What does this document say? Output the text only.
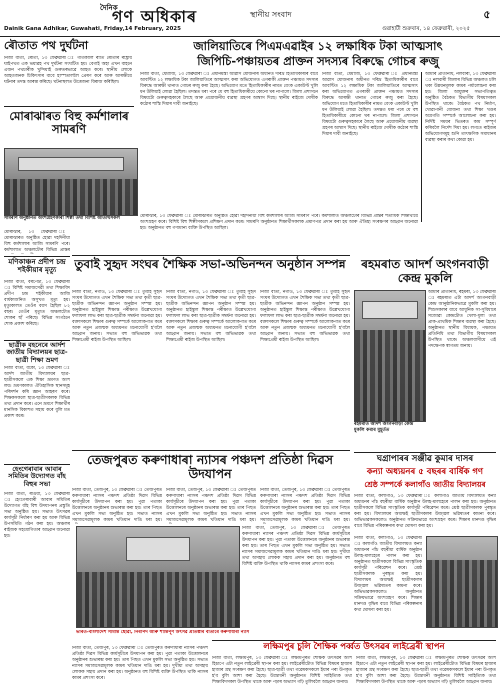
দৈনিক
গণ অধিকাৰ	স্থানীয় সংবাদ
Dainik Gana Adhikar, Guwahati, Friday,14 February, 2025	গুৱাহাটী শুক্ৰবাৰ, ১৪ ফেব্ৰুৱাৰী, ২০২৫
৫
ৰৌতাত পথ দুৰ্ঘটনা
নিজা বাৰ্তা, ৰৌতা, ১৩ ফেব্ৰুৱাৰী ঃ গতিকালি ৰাতি ৰৌতাৰ ৰাষ্ট্ৰীয় ঘাইপথত এক ভয়াৱহ পথ দুৰ্ঘটনা সংঘটিত হয়। বেগাই অহা এখন বাহনে এজন পথচাৰীক খুন্দিয়াই গুৰুতৰভাৱে আহত কৰে। স্থানীয় লোকে আহতজনক চিকিৎসাৰ বাবে হাস্পতাললৈ প্ৰেৰণ কৰে আৰু আৰক্ষীয়ে ঘটনাৰ তদন্ত আৰম্ভ কৰিছে। ঘটনাস্থলত উত্তেজনা বিৰাজ কৰিছিল।
জালিয়াতিৰে পিএমএৱাইৰ ১২ লক্ষাধিক টকা আত্মসাৎ
জিপিচি-পঞ্চায়তৰ প্ৰাক্তন সদস্যৰ বিৰুদ্ধে গোচৰ ৰুজু
নিজা বাৰ্তা, ধেমাজি, ১৩ ফেব্ৰুৱাৰী ঃ প্ৰধানমন্ত্ৰী আৱাস যোজনাৰ অধীনত দৰিদ্ৰ হিতাধিকাৰীৰ বাবে আবণ্টিত ১২ লক্ষাধিক টকা জালিয়াতিৰে আত্মসাৎ কৰা অভিযোগত এগৰাকী প্ৰাক্তন পঞ্চায়ত সদস্যৰ বিৰুদ্ধে আৰক্ষী থানাত গোচৰ ৰুজু কৰা হৈছে। অভিযোগ মতে হিতাধিকাৰীৰ নামত বেংক একাউণ্ট খুলি ধন উলিয়াই লোৱা হৈছিল। তদন্তত ধৰা পৰে যে বহু হিতাধিকাৰীয়ে কোনো ঘৰ নাপালে। জিলা প্ৰশাসনে বিষয়টো গুৰুত্বসহকাৰে লৈছে আৰু প্ৰয়োজনীয় ব্যৱস্থা গ্ৰহণৰ আশ্বাস দিছে। স্থানীয় ৰাইজে দোষীক কঠোৰ শাস্তি দিয়াৰ দাবী জনাইছে।
নিজা বাৰ্তা, ধেমাজি, ১৩ ফেব্ৰুৱাৰী ঃ প্ৰধানমন্ত্ৰী আৱাস যোজনাৰ অধীনত দৰিদ্ৰ হিতাধিকাৰীৰ বাবে আবণ্টিত ১২ লক্ষাধিক টকা জালিয়াতিৰে আত্মসাৎ কৰা অভিযোগত এগৰাকী প্ৰাক্তন পঞ্চায়ত সদস্যৰ বিৰুদ্ধে আৰক্ষী থানাত গোচৰ ৰুজু কৰা হৈছে। অভিযোগ মতে হিতাধিকাৰীৰ নামত বেংক একাউণ্ট খুলি ধন উলিয়াই লোৱা হৈছিল। তদন্তত ধৰা পৰে যে বহু হিতাধিকাৰীয়ে কোনো ঘৰ নাপালে। জিলা প্ৰশাসনে বিষয়টো গুৰুত্বসহকাৰে লৈছে আৰু প্ৰয়োজনীয় ব্যৱস্থা গ্ৰহণৰ আশ্বাস দিছে। স্থানীয় ৰাইজে দোষীক কঠোৰ শাস্তি দিয়াৰ দাবী জনাইছে।
আমাৰ প্ৰতিনিধি, নলবাৰী, ১৩ ফেব্ৰুৱাৰী ঃ নলবাৰী জিলাৰ বিভিন্ন অঞ্চলত চলি থকা উন্নয়নমূলক কামৰ পৰ্যালোচনা কৰা হয়। জিলা আয়ুক্তৰ সভাপতিত্বত অনুষ্ঠিত বৈঠকত বিভাগীয় বিষয়াসকল উপস্থিত থাকে। বৈঠকত পথ নিৰ্মাণ, খোৱাপানী যোজনা তথা শিক্ষা খণ্ডৰ অগ্ৰগতি সম্পৰ্কে আলোচনা কৰা হয়। নিৰ্দিষ্ট সময়ৰ ভিতৰত কাম সম্পূৰ্ণ কৰিবলৈ নিৰ্দেশ দিয়া হয়। লগতে ৰাইজৰ অভিযোগসমূহ শুনি তাৎক্ষণিক সমাধানৰ ব্যৱস্থা কৰাৰ কথা কোৱা হয়।
মোৰাঝাৰত বিহু কৰ্মশালাৰ সামৰণি
সামৰণি অনুষ্ঠানত অংশগ্ৰহণকাৰী শিল্পী তথা বিশিষ্ট অতিথিসকল
মোৰাঝাৰ, ১৩ ফেব্ৰুৱাৰী ঃ মোৰাঝাৰত অনুষ্ঠিত হোৱা দহদিনীয়া বিহু কৰ্মশালাৰ আজি সামৰণি পৰে। কৰ্মশালাত অঞ্চলটোৰ বিভিন্ন প্ৰান্তৰ
মোৰাঝাৰ, ১৩ ফেব্ৰুৱাৰী ঃ মোৰাঝাৰত অনুষ্ঠিত হোৱা দহদিনীয়া বিহু কৰ্মশালাৰ আজি সামৰণি পৰে। কৰ্মশালাত অঞ্চলটোৰ বিভিন্ন প্ৰান্তৰ শতাধিক শিক্ষাৰ্থীয়ে অংশগ্ৰহণ কৰে। বিশিষ্ট বিহু শিল্পীসকলে প্ৰশিক্ষণ প্ৰদান কৰে। সামৰণি অনুষ্ঠানত শিক্ষাৰ্থীসকলক প্ৰমাণপত্ৰ প্ৰদান কৰা হয় আৰু ঐতিহ্য সংৰক্ষণৰ আহ্বান জনোৱা হয়। অনুষ্ঠানত বহু গণ্যমান্য ব্যক্তি উপস্থিত আছিল।
তুবাই সুহৃদ সংঘৰ শৈক্ষিক সভা-অভিনন্দন অনুষ্ঠান সম্পন্ন
নিজা বাৰ্তা, নগাঁও, ১৩ ফেব্ৰুৱাৰী ঃ তুবাই সুহৃদ সংঘৰ উদ্যোগত এখন শৈক্ষিক সভা তথা কৃতী ছাত্ৰ-ছাত্ৰীক অভিনন্দন জ্ঞাপন অনুষ্ঠান সম্পন্ন হয়। অনুষ্ঠানত হাইস্কুল শিক্ষান্ত পৰীক্ষাত উল্লেখযোগ্য ফলাফল লাভ কৰা ছাত্ৰ-ছাত্ৰীক সম্বৰ্ধনা জনোৱা হয়। বক্তাসকলে শিক্ষাৰ গুৰুত্ব সম্পৰ্কে আলোকপাত কৰে আৰু নতুন প্ৰজন্মক অধ্যয়নত মনোযোগী হ'বলৈ আহ্বান জনায়। সভাত বহু অভিভাৱক তথা শিক্ষাপ্ৰেমী ৰাইজ উপস্থিত আছিল।
নিজা বাৰ্তা, নগাঁও, ১৩ ফেব্ৰুৱাৰী ঃ তুবাই সুহৃদ সংঘৰ উদ্যোগত এখন শৈক্ষিক সভা তথা কৃতী ছাত্ৰ-ছাত্ৰীক অভিনন্দন জ্ঞাপন অনুষ্ঠান সম্পন্ন হয়। অনুষ্ঠানত হাইস্কুল শিক্ষান্ত পৰীক্ষাত উল্লেখযোগ্য ফলাফল লাভ কৰা ছাত্ৰ-ছাত্ৰীক সম্বৰ্ধনা জনোৱা হয়। বক্তাসকলে শিক্ষাৰ গুৰুত্ব সম্পৰ্কে আলোকপাত কৰে আৰু নতুন প্ৰজন্মক অধ্যয়নত মনোযোগী হ'বলৈ আহ্বান জনায়। সভাত বহু অভিভাৱক তথা শিক্ষাপ্ৰেমী ৰাইজ উপস্থিত আছিল।
নিজা বাৰ্তা, নগাঁও, ১৩ ফেব্ৰুৱাৰী ঃ তুবাই সুহৃদ সংঘৰ উদ্যোগত এখন শৈক্ষিক সভা তথা কৃতী ছাত্ৰ-ছাত্ৰীক অভিনন্দন জ্ঞাপন অনুষ্ঠান সম্পন্ন হয়। অনুষ্ঠানত হাইস্কুল শিক্ষান্ত পৰীক্ষাত উল্লেখযোগ্য ফলাফল লাভ কৰা ছাত্ৰ-ছাত্ৰীক সম্বৰ্ধনা জনোৱা হয়। বক্তাসকলে শিক্ষাৰ গুৰুত্ব সম্পৰ্কে আলোকপাত কৰে আৰু নতুন প্ৰজন্মক অধ্যয়নত মনোযোগী হ'বলৈ আহ্বান জনায়। সভাত বহু অভিভাৱক তথা শিক্ষাপ্ৰেমী ৰাইজ উপস্থিত আছিল।
ৰহমৰাত আদৰ্শ অংগনবাড়ী কেন্দ্ৰ মুকলি
আমাৰ প্ৰতিনিধি, ৰহমৰা, ১৩ ফেব্ৰুৱাৰী ঃ ৰহমৰাত এটা আদৰ্শ অংগনবাড়ী কেন্দ্ৰ আনুষ্ঠানিকভাৱে মুকলি কৰা হয়। শিশুসকলৰ বাবে আধুনিক সা-সুবিধাৰে সজোৱা কেন্দ্ৰটোত খেলা-ধূলা তথা প্ৰাক-প্ৰাথমিক শিক্ষাৰ ব্যৱস্থা কৰা হৈছে। অনুষ্ঠানত স্থানীয় বিধায়ক, পঞ্চায়ত প্ৰতিনিধি তথা বিভাগীয় বিষয়াসকল উপস্থিত থাকে। অঞ্চলবাসীয়ে এই পদক্ষেপক স্বাগতম জনায়।
ৰহমৰাত আদৰ্শ অংগনবাড়ী কেন্দ্ৰ মুকলি কৰাৰ মুহূৰ্তত
মণিকাঞ্চন প্ৰদীপ চন্দ্ৰ শইকীয়াৰ মৃত্যু
নিজা বাৰ্তা, বৰপেটা, ১৩ ফেব্ৰুৱাৰী ঃ বিশিষ্ট সমাজসেৱী তথা শিক্ষাবিদ প্ৰদীপ চন্দ্ৰ শইকীয়াৰ আজি বাৰ্ধক্যজনিত অসুখত মৃত্যু হয়। মৃত্যুকালত তেওঁৰ বয়স হৈছিল ৮২ বছৰ। তেওঁৰ মৃত্যুত অঞ্চলটোত শোকৰ ছাঁ পৰিছে। বিভিন্ন সংগঠনে শোক প্ৰকাশ কৰিছে।
ছাত্ৰীক বহনেৰে আৰ্দশ জাতীয় বিদ্যালয়ৰ ছাত্ৰ-ছাত্ৰী শিক্ষা ভ্ৰমণ
নিজা বাৰ্তা, বকো, ১৩ ফেব্ৰুৱাৰী ঃ আৰ্দশ জাতীয় বিদ্যালয়ৰ ছাত্ৰ-ছাত্ৰীসকলে এক শিক্ষা ভ্ৰমণত অংশ লয়। ভ্ৰমণকালত ঐতিহাসিক স্থানসমূহ পৰিদৰ্শন কৰি জ্ঞান আহৰণ কৰে। শিক্ষকসকলে ছাত্ৰ-ছাত্ৰীসকলক বিভিন্ন তথ্য প্ৰদান কৰে। এনে ভ্ৰমণে শিক্ষাৰ্থীৰ মানসিক বিকাশত সহায় কৰে বুলি মত প্ৰকাশ কৰে।
হেংগেৰাবাৰ আবাৰ সমিতিৰ উদ্যোগত বাঁহ বিহুৰ সভা
নিজা বাৰ্তা, ৰঙিয়া, ১৩ ফেব্ৰুৱাৰী ঃ হেংগেৰাবাৰী আবাৰ সমিতিৰ উদ্যোগত বাঁহ বিহু উদযাপনৰ প্ৰস্তুতি সভা অনুষ্ঠিত হয়। সভাত উৎসৱৰ কাৰ্যসূচী নিৰ্ধাৰণ কৰা হয় আৰু বিভিন্ন উপসমিতি গঠন কৰা হয়। অঞ্চলৰ ৰাইজক সহযোগিতাৰ আহ্বান জনোৱা হয়।
তেজপুৰত কৰুণাধাৰা ন্যাসৰ পঞ্চদশ প্ৰতিষ্ঠা দিৱস উদযাপন
নিজা বাৰ্তা, তেজপুৰ, ১৩ ফেব্ৰুৱাৰী ঃ তেজপুৰত কৰুণাধাৰা ন্যাসৰ পঞ্চদশ প্ৰতিষ্ঠা দিৱস বিভিন্ন কাৰ্যসূচীৰে উদযাপন কৰা হয়। পুৱা পতাকা উত্তোলনৰে অনুষ্ঠানৰ শুভাৰম্ভ কৰা হয়। তাৰ পিছত এখন মুকলি সভা অনুষ্ঠিত হয়। সভাত ন্যাসৰ সমাজসেৱামূলক কামৰ খতিয়ান দাঙি ধৰা হয়।
নিজা বাৰ্তা, তেজপুৰ, ১৩ ফেব্ৰুৱাৰী ঃ তেজপুৰত কৰুণাধাৰা ন্যাসৰ পঞ্চদশ প্ৰতিষ্ঠা দিৱস বিভিন্ন কাৰ্যসূচীৰে উদযাপন কৰা হয়। পুৱা পতাকা উত্তোলনৰে অনুষ্ঠানৰ শুভাৰম্ভ কৰা হয়। তাৰ পিছত এখন মুকলি সভা অনুষ্ঠিত হয়। সভাত ন্যাসৰ সমাজসেৱামূলক কামৰ খতিয়ান দাঙি ধৰা হয়।
নিজা বাৰ্তা, তেজপুৰ, ১৩ ফেব্ৰুৱাৰী ঃ তেজপুৰত কৰুণাধাৰা ন্যাসৰ পঞ্চদশ প্ৰতিষ্ঠা দিৱস বিভিন্ন কাৰ্যসূচীৰে উদযাপন কৰা হয়। পুৱা পতাকা উত্তোলনৰে অনুষ্ঠানৰ শুভাৰম্ভ কৰা হয়। তাৰ পিছত এখন মুকলি সভা অনুষ্ঠিত হয়। সভাত ন্যাসৰ সমাজসেৱামূলক কামৰ খতিয়ান দাঙি ধৰা হয়।
নিজা বাৰ্তা, তেজপুৰ, ১৩ ফেব্ৰুৱাৰী ঃ তেজপুৰত কৰুণাধাৰা ন্যাসৰ পঞ্চদশ প্ৰতিষ্ঠা দিৱস বিভিন্ন কাৰ্যসূচীৰে উদযাপন কৰা হয়। পুৱা পতাকা উত্তোলনৰে অনুষ্ঠানৰ শুভাৰম্ভ কৰা হয়। তাৰ পিছত এখন মুকলি সভা অনুষ্ঠিত হয়। সভাত ন্যাসৰ সমাজসেৱামূলক কামৰ খতিয়ান দাঙি ধৰা হয়। দুখীয়া তথা অসহায় লোকক সহায় প্ৰদান কৰা হয়। অনুষ্ঠানত বহু বিশিষ্ট ব্যক্তি উপস্থিত থাকি ন্যাসৰ কামৰ প্ৰশংসা কৰে।
ভাৰত-বাংলাদেশ সীমান্ত ছোঁৱা, নিৰাপদ আৰু শান্তিপূৰ্ণ উৎসৱ প্ৰতিষ্ঠাৰ বাৰ্তাৰে কৰুণাধাৰা ন্যাস
নিজা বাৰ্তা, তেজপুৰ, ১৩ ফেব্ৰুৱাৰী ঃ তেজপুৰত কৰুণাধাৰা ন্যাসৰ পঞ্চদশ প্ৰতিষ্ঠা দিৱস বিভিন্ন কাৰ্যসূচীৰে উদযাপন কৰা হয়। পুৱা পতাকা উত্তোলনৰে অনুষ্ঠানৰ শুভাৰম্ভ কৰা হয়। তাৰ পিছত এখন মুকলি সভা অনুষ্ঠিত হয়। সভাত ন্যাসৰ সমাজসেৱামূলক কামৰ খতিয়ান দাঙি ধৰা হয়। দুখীয়া তথা অসহায় লোকক সহায় প্ৰদান কৰা হয়। অনুষ্ঠানত বহু বিশিষ্ট ব্যক্তি উপস্থিত থাকি ন্যাসৰ কামৰ প্ৰশংসা কৰে।
ঘগ্ৰাপাৰৰ সঞ্জীৱ কুমাৰ দাসৰ
কন্যা অধ্যয়নৰ ৫ বছৰৰ বাৰ্ষিক গণ
শ্ৰেষ্ঠ সম্পৰ্কে কলাগাঁও জাতীয় বিদ্যালয়ৰ
নিজা বাৰ্তা, কলাগাঁও, ১৩ ফেব্ৰুৱাৰী ঃ কলাগাঁও জাতীয় বিদ্যালয়ত কন্যা অধ্যয়নৰ পাঁচ বছৰীয়া বাৰ্ষিক অনুষ্ঠান উলহ-মালহেৰে পালন কৰা হয়। অনুষ্ঠানত ছাত্ৰীসকলে বিভিন্ন সাংস্কৃতিক কাৰ্যসূচী পৰিৱেশন কৰে। শ্ৰেষ্ঠ ছাত্ৰীসকলক পুৰস্কৃত কৰা হয়। বিদ্যালয়ৰ অধ্যক্ষই ছাত্ৰীসকলৰ উজ্জ্বল ভৱিষ্যতৰ কামনা কৰে। অভিভাৱকসকলেও অনুষ্ঠানত সক্ৰিয়ভাৱে অংশগ্ৰহণ কৰে। শিক্ষাৰ মানদণ্ড বৃদ্ধিৰ বাবে বিভিন্ন পৰিকল্পনাৰ কথা ঘোষণা কৰা হয়।
নিজা বাৰ্তা, কলাগাঁও, ১৩ ফেব্ৰুৱাৰী ঃ কলাগাঁও জাতীয় বিদ্যালয়ত কন্যা অধ্যয়নৰ পাঁচ বছৰীয়া বাৰ্ষিক অনুষ্ঠান উলহ-মালহেৰে পালন কৰা হয়। অনুষ্ঠানত ছাত্ৰীসকলে বিভিন্ন সাংস্কৃতিক কাৰ্যসূচী পৰিৱেশন কৰে। শ্ৰেষ্ঠ ছাত্ৰীসকলক পুৰস্কৃত কৰা হয়। বিদ্যালয়ৰ অধ্যক্ষই ছাত্ৰীসকলৰ উজ্জ্বল ভৱিষ্যতৰ কামনা কৰে। অভিভাৱকসকলেও অনুষ্ঠানত সক্ৰিয়ভাৱে অংশগ্ৰহণ কৰে। শিক্ষাৰ মানদণ্ড বৃদ্ধিৰ বাবে বিভিন্ন পৰিকল্পনাৰ কথা ঘোষণা কৰা হয়।
লক্ষিমপুৰ চুলি শৈক্ষিক পৰ্ব্বত উৎসৱৰ লাইব্ৰেৰী স্থাপন
নিজা বাৰ্তা, লক্ষীমপুৰ, ১৩ ফেব্ৰুৱাৰী ঃ লক্ষীমপুৰত শৈক্ষিক উৎসৱৰ অংশ হিচাপে এটা নতুন লাইব্ৰেৰী স্থাপন কৰা হয়। লাইব্ৰেৰীটোত বিভিন্ন বিষয়ৰ হাজাৰ হাজাৰ গ্ৰন্থ সংৰক্ষণ কৰা হৈছে। ছাত্ৰ-ছাত্ৰী তথা গৱেষকসকলে ইয়াৰ পৰা উপকৃত হ'ব বুলি আশা কৰা হৈছে। উদ্বোধনী অনুষ্ঠানত বিশিষ্ট সাহিত্যিক তথা শিক্ষাবিদসকল উপস্থিত থাকে আৰু পঢ়াৰ অভ্যাস গঢ়ি তুলিবলৈ আহ্বান জনায়।
নিজা বাৰ্তা, লক্ষীমপুৰ, ১৩ ফেব্ৰুৱাৰী ঃ লক্ষীমপুৰত শৈক্ষিক উৎসৱৰ অংশ হিচাপে এটা নতুন লাইব্ৰেৰী স্থাপন কৰা হয়। লাইব্ৰেৰীটোত বিভিন্ন বিষয়ৰ হাজাৰ হাজাৰ গ্ৰন্থ সংৰক্ষণ কৰা হৈছে। ছাত্ৰ-ছাত্ৰী তথা গৱেষকসকলে ইয়াৰ পৰা উপকৃত হ'ব বুলি আশা কৰা হৈছে। উদ্বোধনী অনুষ্ঠানত বিশিষ্ট সাহিত্যিক তথা শিক্ষাবিদসকল উপস্থিত থাকে আৰু পঢ়াৰ অভ্যাস গঢ়ি তুলিবলৈ আহ্বান জনায়।
